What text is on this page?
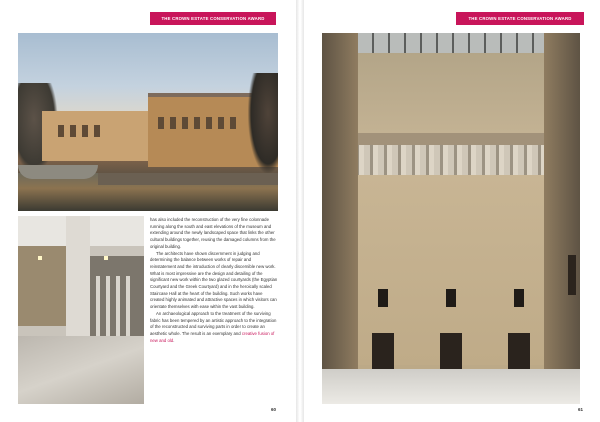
THE CROWN ESTATE CONSERVATION AWARD

has also included the reconstruction of the very fine colonnade running along the south and east elevations of the museum and extending around the newly landscaped space that links the other cultural buildings together, reusing the damaged columns from the original building.

The architects have shown discernment in judging and determining the balance between works of repair and reinstatement and the introduction of clearly discernible new work. What is most impressive are the design and detailing of the significant new work within the two glazed courtyards (the Egyptian Courtyard and the Greek Courtyard) and in the heroically scaled Staircase Hall at the heart of the building. Such works have created highly animated and attractive spaces in which visitors can orientate themselves with ease within the vast building.

An archaeological approach to the treatment of the surviving fabric has been tempered by an artistic approach to the integration of the reconstructed and surviving parts in order to create an aesthetic whole. The result is an exemplary and creative fusion of new and old.

60
THE CROWN ESTATE CONSERVATION AWARD
61
